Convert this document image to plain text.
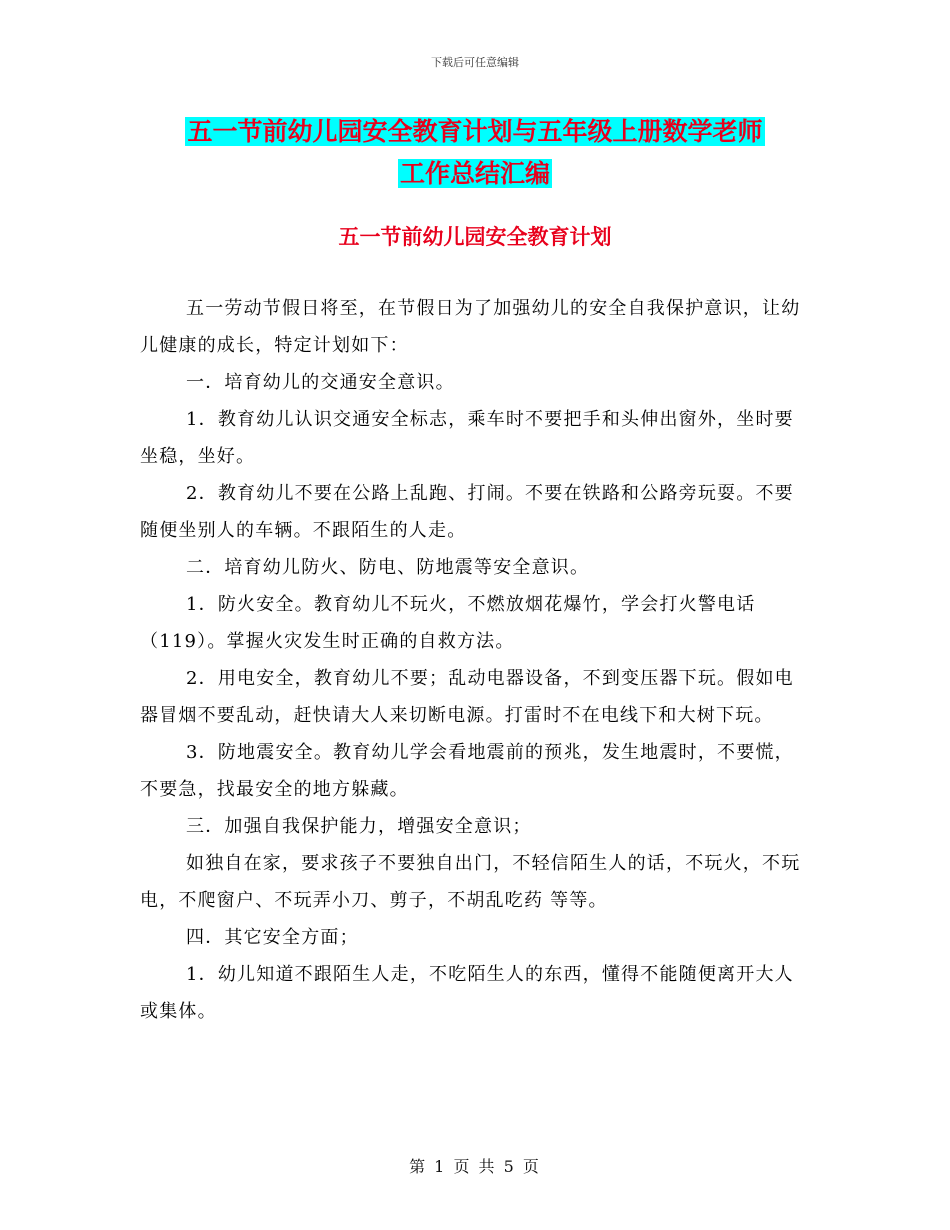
下载后可任意编辑
五一节前幼儿园安全教育计划与五年级上册数学老师
工作总结汇编
五一节前幼儿园安全教育计划

五一劳动节假日将至，在节假日为了加强幼儿的安全自我保护意识，让幼儿健康的成长，特定计划如下：

一．培育幼儿的交通安全意识。

1．教育幼儿认识交通安全标志，乘车时不要把手和头伸出窗外，坐时要坐稳，坐好。

2．教育幼儿不要在公路上乱跑、打闹。不要在铁路和公路旁玩耍。不要随便坐别人的车辆。不跟陌生的人走。

二．培育幼儿防火、防电、防地震等安全意识。

1．防火安全。教育幼儿不玩火，不燃放烟花爆竹，学会打火警电话（119）。掌握火灾发生时正确的自救方法。

2．用电安全，教育幼儿不要；乱动电器设备，不到变压器下玩。假如电器冒烟不要乱动，赶快请大人来切断电源。打雷时不在电线下和大树下玩。

3．防地震安全。教育幼儿学会看地震前的预兆，发生地震时，不要慌，不要急，找最安全的地方躲藏。

三．加强自我保护能力，增强安全意识；

如独自在家，要求孩子不要独自出门，不轻信陌生人的话，不玩火，不玩电，不爬窗户、不玩弄小刀、剪子，不胡乱吃药 等等。

四．其它安全方面；

1．幼儿知道不跟陌生人走，不吃陌生人的东西，懂得不能随便离开大人或集体。

第 1 页 共 5 页
